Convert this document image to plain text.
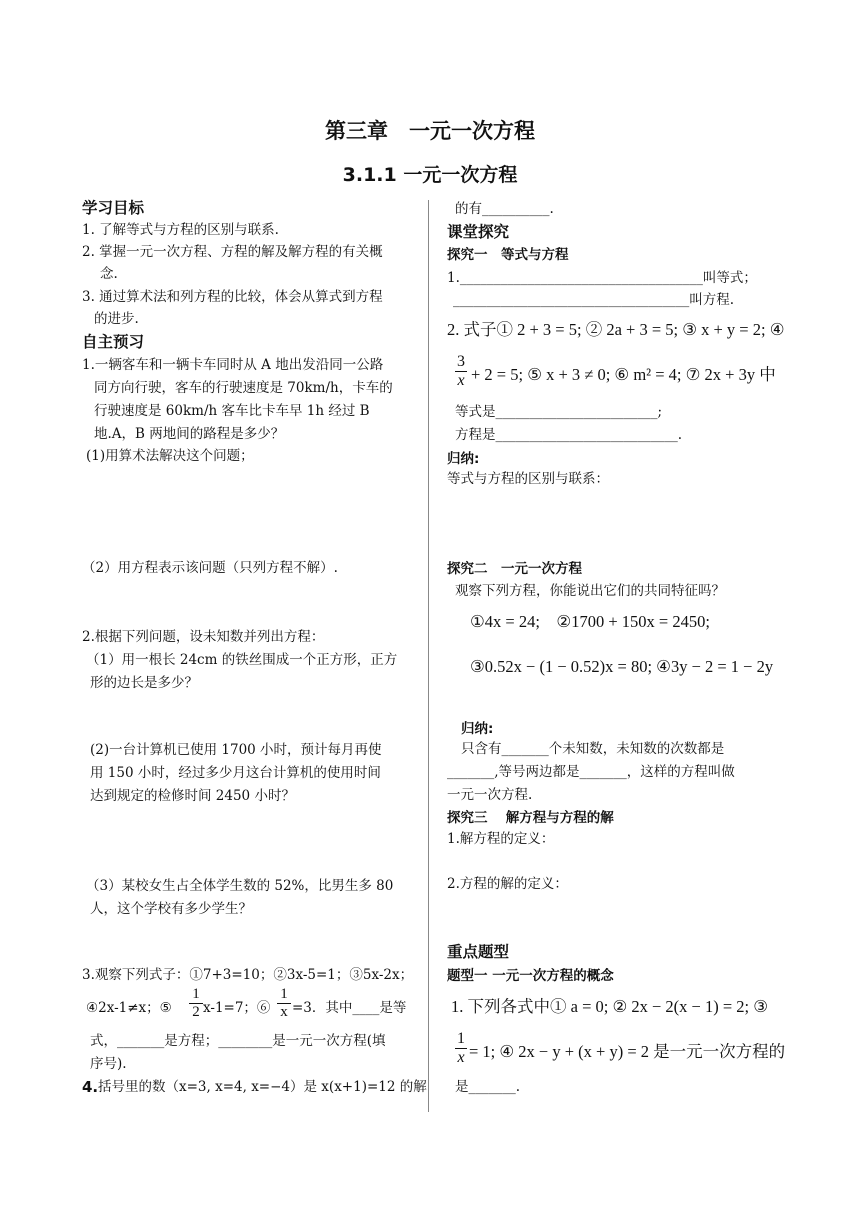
第三章　一元一次方程
3.1.1 一元一次方程
学习目标
1. 了解等式与方程的区别与联系.
2. 掌握一元一次方程、方程的解及解方程的有关概
念.
3. 通过算术法和列方程的比较，体会从算式到方程
的进步.
自主预习
1.一辆客车和一辆卡车同时从 A 地出发沿同一公路
同方向行驶，客车的行驶速度是 70km/h，卡车的
行驶速度是 60km/h 客车比卡车早 1h 经过 B
地.A，B 两地间的路程是多少？
(1)用算术法解决这个问题；
（2）用方程表示该问题（只列方程不解）.
2.根据下列问题，设未知数并列出方程：
（1）用一根长 24cm 的铁丝围成一个正方形，正方
形的边长是多少？
(2)一台计算机已使用 1700 小时，预计每月再使
用 150 小时，经过多少月这台计算机的使用时间
达到规定的检修时间 2450 小时？
（3）某校女生占全体学生数的 52%，比男生多 80
人，这个学校有多少学生？
3.观察下列式子：①7+3=10；②3x-5=1；③5x-2x；
④2x-1≠x；⑤
1
2 x-1=7；⑥
1
x =3．其中____是等
式，_______是方程；________是一元一次方程(填
序号).
4. 括号里的数（x=3, x=4, x=−4）是 x(x+1)=12 的解
的有__________.
课堂探究
探究一　等式与方程
1.____________________________________叫等式；
___________________________________叫方程.
2. 式子① 2 + 3 = 5; ② 2a + 3 = 5; ③ x + y = 2; ④
3
x + 2 = 5; ⑤ x + 3 ≠ 0; ⑥ m² = 4; ⑦ 2x + 3y 中
等式是________________________;
方程是___________________________.
归纳:
等式与方程的区别与联系：
探究二　一元一次方程
观察下列方程，你能说出它们的共同特征吗？
①4x = 24;　②1700 + 150x = 2450;
③0.52x − (1 − 0.52)x = 80; ④3y − 2 = 1 − 2y
归纳:
只含有_______个未知数，未知数的次数都是
_______,等号两边都是_______，这样的方程叫做
一元一次方程.
探究三　 解方程与方程的解
1.解方程的定义：
2.方程的解的定义：
重点题型
题型一 一元一次方程的概念
1. 下列各式中① a = 0; ② 2x − 2(x − 1) = 2; ③
1
x = 1; ④ 2x − y + (x + y) = 2 是一元一次方程的
是_______.
